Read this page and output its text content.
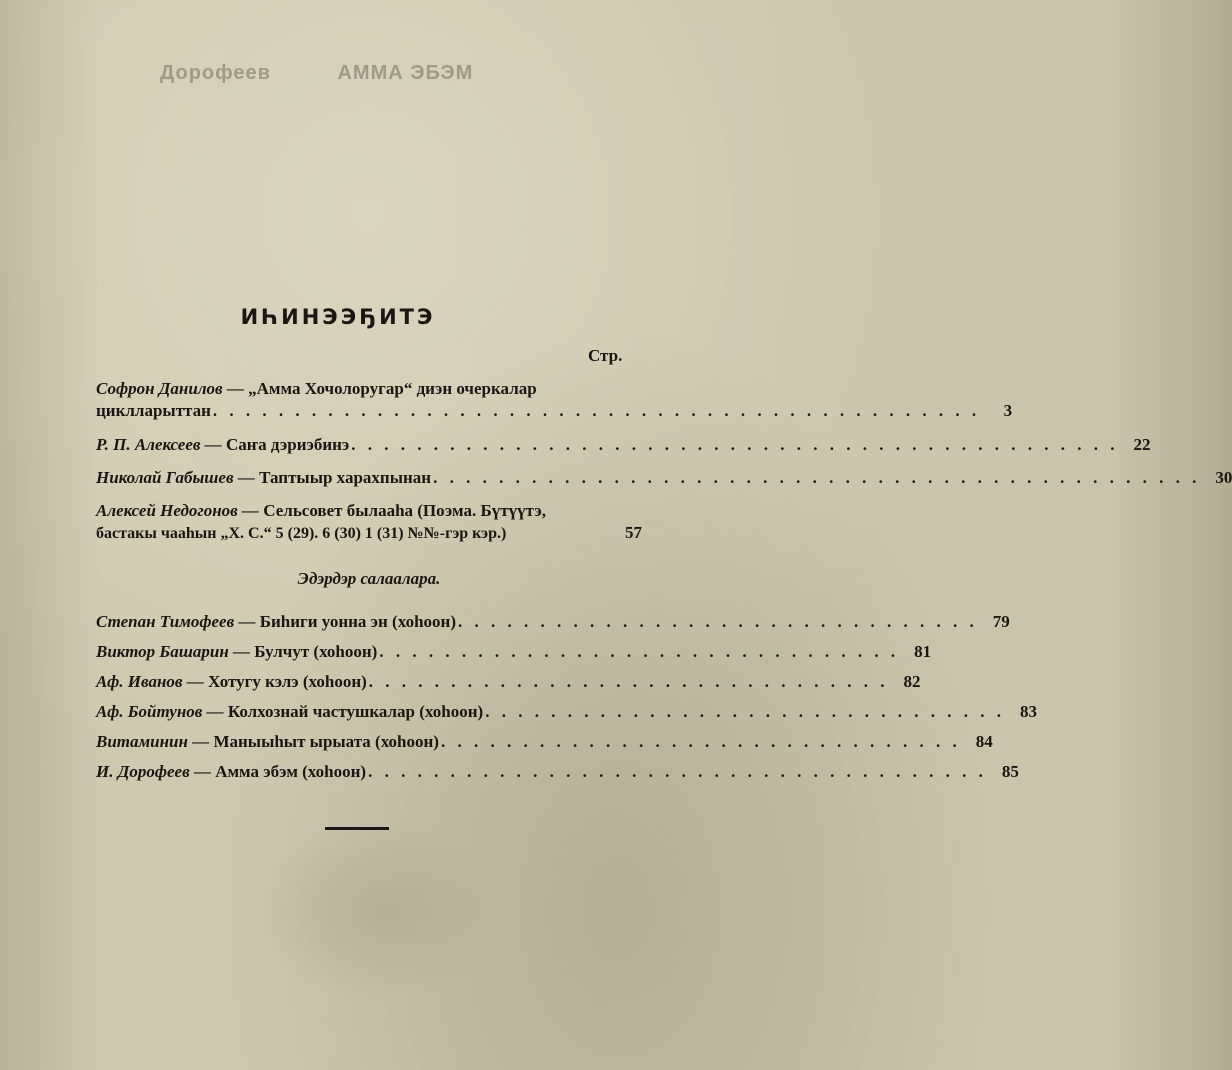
Дорофеев	АММА ЭБЭМ
ИҺИНЭЭҔИТЭ
Стр.
Софрон Данилов — „Амма Хочолоругар“ диэн очеркалар
циклларыттан . . . . . . . . . . . . . . . . . . . . . . . . . . . . . . . . . . . . . . . . . . . . . . .	3
Р. П. Алексеев — Саҥа дэриэбинэ . . . . . . . . . . . . . . . . . . . . . . . . . . . . . . . . . . . . . . . . . . . . . . . 22
Николай Габышев — Таптыыр харахпынан . . . . . . . . . . . . . . . . . . . . . . . . . . . . . . . . . . . . . . . . . . . . . . . 30
Алексей Недогонов — Сельсовет былааһа (Поэма. Бүтүүтэ,
бастакы чааһын „Х. С.“ 5 (29). 6 (30) 1 (31) №№-гэр кэр.)	57
Эдэрдэр салаалара.
Степан Тимофеев — Биһиги уонна эн (хоһоон) . . . . . . . . . . . . . . . . . . . . . . . . . . . . . . . . 79
Виктор Башарин — Булчут (хоһоон) . . . . . . . . . . . . . . . . . . . . . . . . . . . . . . . . 81
Аф. Иванов — Хотугу кэлэ (хоһоон) . . . . . . . . . . . . . . . . . . . . . . . . . . . . . . . . 82
Аф. Бойтунов — Колхознай частушкалар (хоһоон) . . . . . . . . . . . . . . . . . . . . . . . . . . . . . . . . 83
Витаминин — Маныыһыт ырыата (хоһоон) . . . . . . . . . . . . . . . . . . . . . . . . . . . . . . . . 84
И. Дорофеев — Амма эбэм (хоһоон) . . . . . . . . . . . . . . . . . . . . . . . . . . . . . . . . . . . . . . 85
